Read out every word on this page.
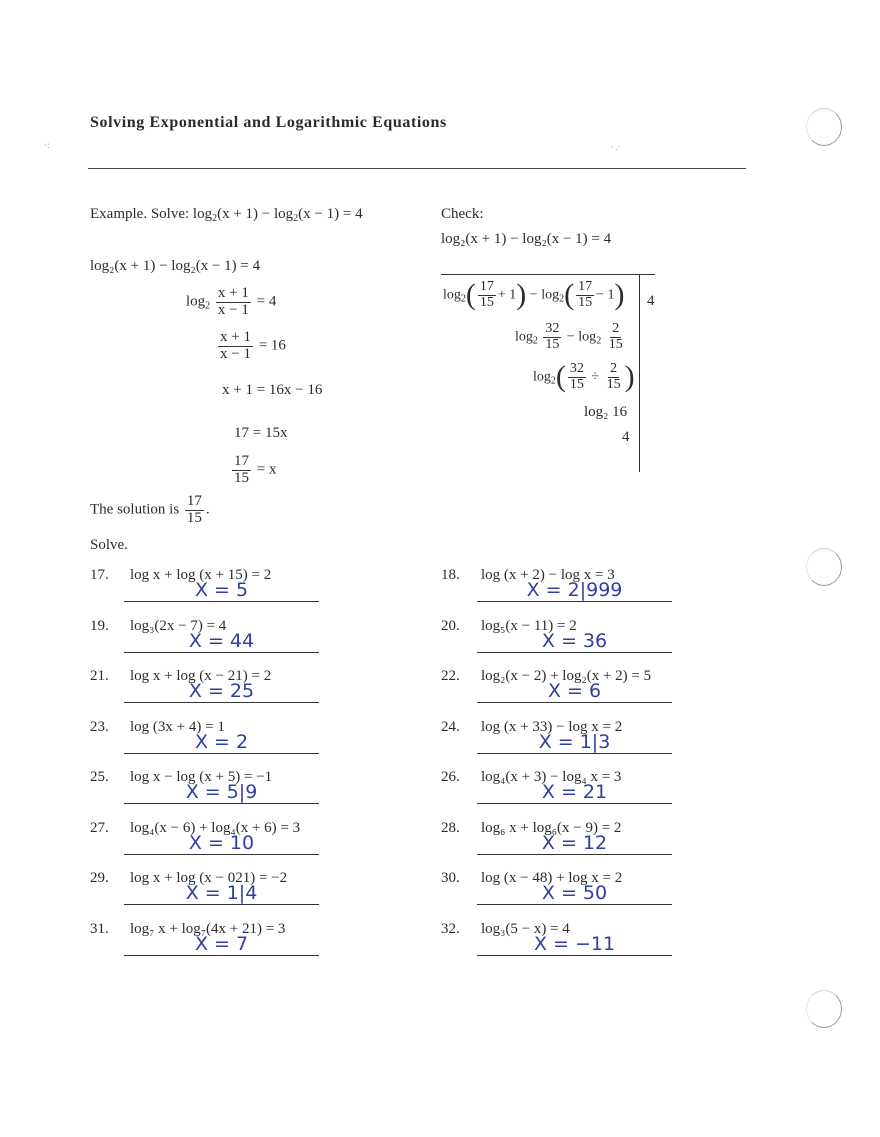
Solving Exponential and Logarithmic Equations
·:	· .·
Example. Solve: $\log_2(x + 1) - \log_2(x - 1) = 4$
log₂(x + 1) − log₂(x − 1) = 4
$\log_2 \frac{x + 1}{x - 1} = 4$
$\frac{x + 1}{x - 1} = 16$
x + 1 = 16x − 16
17 = 15x
$\frac{17}{15} = x$
The solution is $\frac{17}{15}$ .
Solve.
Check:
log₂(x + 1) − log₂(x − 1) = 4
$\log_2( \frac{17}{15} + 1) - \log_2( \frac{17}{15} - 1)$ 4
$\log_2 \frac{32}{15} - \log_2 \frac{2}{15}$
$\log_2( \frac{32}{15} \div \frac{2}{15}$ )
log₂ 16
4
17. log x + log (x + 15) = 2
X = 5
18. log (x + 2) − log x = 3
X = 2|999
19. log₃(2x − 7) = 4
X = 44
20. log₅(x − 11) = 2
X = 36
21. log x + log (x − 21) = 2
X = 25
22. log₂(x − 2) + log₂(x + 2) = 5
X = 6
23. log (3x + 4) = 1
X = 2
24. log (x + 33) − log x = 2
X = 1|3
25. log x − log (x + 5) = −1
X = 5|9
26. log₄(x + 3) − log₄ x = 3
X = 21
27. log₄(x − 6) + log₄(x + 6) = 3
X = 10
28. log₆ x + log₆(x − 9) = 2
X = 12
29. log x + log (x − 021) = −2
X = 1|4
30. log (x − 48) + log x = 2
X = 50
31. log₇ x + log₇(4x + 21) = 3
X = 7
32. log₃(5 − x) = 4
X = −11
